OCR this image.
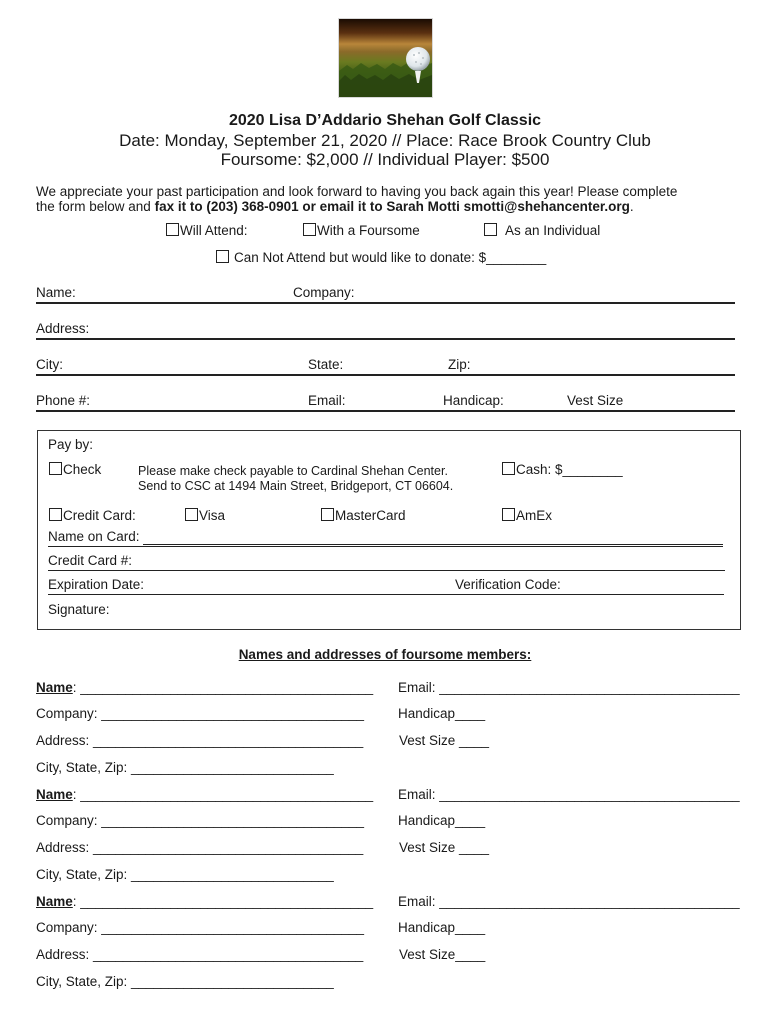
2020 Lisa D’Addario Shehan Golf Classic
Date: Monday, September 21, 2020 // Place: Race Brook Country Club
Foursome: $2,000 // Individual Player: $500
We appreciate your past participation and look forward to having you back again this year! Please complete
the form below and fax it to (203) 368-0901 or email it to Sarah Motti smotti@shehancenter.org.
Will Attend:	With a Foursome	As an Individual
Can Not Attend but would like to donate: $________
Name:	Company:
Address:
City:	State:	Zip:
Phone #:	Email:	Handicap:	Vest Size
Pay by:
Check	Please make check payable to Cardinal Shehan Center.
Send to CSC at 1494 Main Street, Bridgeport, CT 06604.
Cash: $________
Credit Card:	Visa	MasterCard	AmEx
Name on Card:
Credit Card #:
Expiration Date:	Verification Code:
Signature:
Names and addresses of foursome members:
Name: _______________________________________ Email: ________________________________________
Company: ___________________________________	Handicap____
Address: ____________________________________	Vest Size ____
City, State, Zip: ___________________________
Name: _______________________________________ Email: ________________________________________
Company: ___________________________________	Handicap____
Address: ____________________________________	Vest Size ____
City, State, Zip: ___________________________
Name: _______________________________________ Email: ________________________________________
Company: ___________________________________	Handicap____
Address: ____________________________________	Vest Size____
City, State, Zip: ___________________________
